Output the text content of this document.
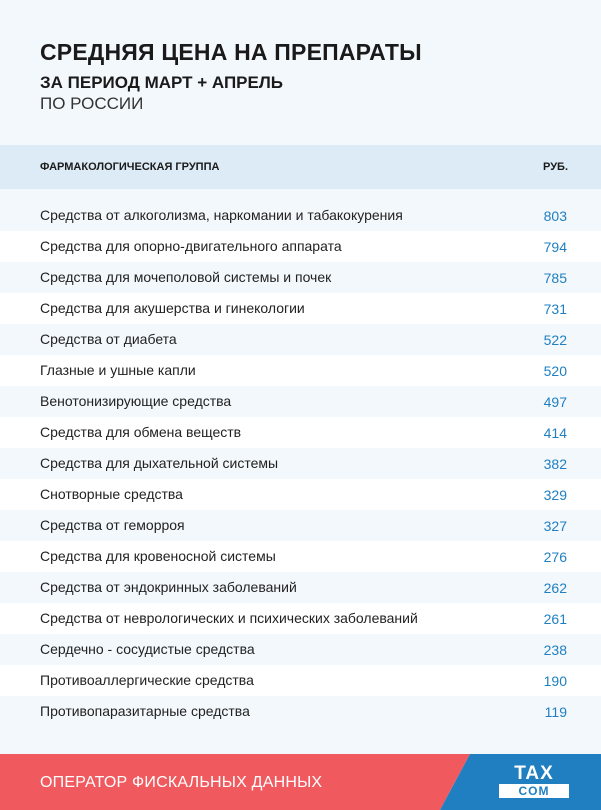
СРЕДНЯЯ ЦЕНА НА ПРЕПАРАТЫ
ЗА ПЕРИОД МАРТ + АПРЕЛЬ
ПО РОССИИ
ФАРМАКОЛОГИЧЕСКАЯ ГРУППА	РУБ.
Средства от алкоголизма, наркомании и табакокурения	803
Средства для опорно-двигательного аппарата	794
Средства для мочеполовой системы и почек	785
Средства для акушерства и гинекологии	731
Средства от диабета	522
Глазные и ушные капли	520
Венотонизирующие средства	497
Средства для обмена веществ	414
Средства для дыхательной системы	382
Снотворные средства	329
Средства от геморроя	327
Средства для кровеносной системы	276
Средства от эндокринных заболеваний	262
Средства от неврологических и психических заболеваний	261
Сердечно - сосудистые средства	238
Противоаллергические средства	190
Противопаразитарные средства	119
ОПЕРАТОР ФИСКАЛЬНЫХ ДАННЫХ	TAX
COM
